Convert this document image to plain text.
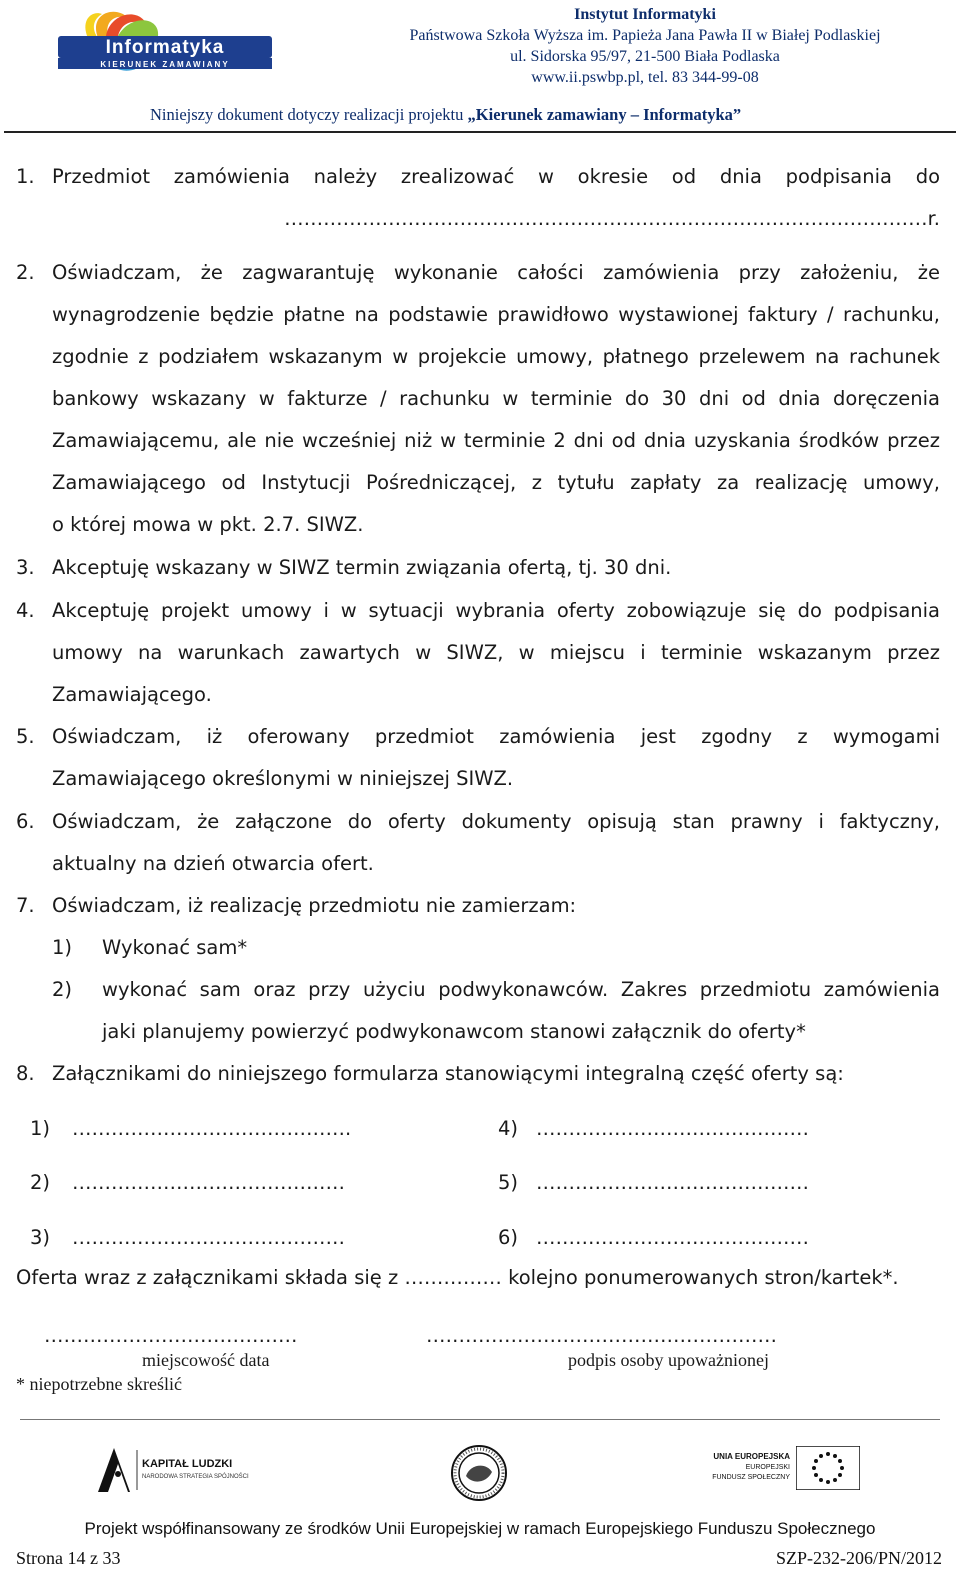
Informatyka
KIERUNEK ZAMAWIANY
Instytut Informatyki
Państwowa Szkoła Wyższa im. Papieża Jana Pawła II w Białej Podlaskiej
ul. Sidorska 95/97, 21-500 Biała Podlaska
www.ii.pswbp.pl, tel. 83 344-99-08
Niniejszy dokument dotyczy realizacji projektu „Kierunek zamawiany – Informatyka”
1. Przedmiot zamówienia należy zrealizować w okresie od dnia podpisania do
………………………………………………………………………………………r.
2. Oświadczam, że zagwarantuję wykonanie całości zamówienia przy założeniu, że
wynagrodzenie będzie płatne na podstawie prawidłowo wystawionej faktury / rachunku,
zgodnie z podziałem wskazanym w projekcie umowy, płatnego przelewem na rachunek
bankowy wskazany w fakturze / rachunku w terminie do 30 dni od dnia doręczenia
Zamawiającemu, ale nie wcześniej niż w terminie 2 dni od dnia uzyskania środków przez
Zamawiającego od Instytucji Pośredniczącej, z tytułu zapłaty za realizację umowy,
o której mowa w pkt. 2.7. SIWZ.
3. Akceptuję wskazany w SIWZ termin związania ofertą, tj. 30 dni.
4. Akceptuję projekt umowy i w sytuacji wybrania oferty zobowiązuje się do podpisania
umowy na warunkach zawartych w SIWZ, w miejscu i terminie wskazanym przez
Zamawiającego.
5. Oświadczam, iż oferowany przedmiot zamówienia jest zgodny z wymogami
Zamawiającego określonymi w niniejszej SIWZ.
6. Oświadczam, że załączone do oferty dokumenty opisują stan prawny i faktyczny,
aktualny na dzień otwarcia ofert.
7. Oświadczam, iż realizację przedmiotu nie zamierzam:
1) Wykonać sam*
2) wykonać sam oraz przy użyciu podwykonawców. Zakres przedmiotu zamówienia
jaki planujemy powierzyć podwykonawcom stanowi załącznik do oferty*
8. Załącznikami do niniejszego formularza stanowiącymi integralną część oferty są:
1) …………………………………….
2) ……………………………………
3) ……………………………………
4) ……………………………………
5) ……………………………………
6) ……………………………………
Oferta wraz z załącznikami składa się z …………… kolejno ponumerowanych stron/kartek*.
…………………………………	………………………………………………
miejscowość data	podpis osoby upoważnionej
* niepotrzebne skreślić
KAPITAŁ LUDZKI
NARODOWA STRATEGIA SPÓJNOŚCI
UNIA EUROPEJSKA
EUROPEJSKI
FUNDUSZ SPOŁECZNY
Projekt współfinansowany ze środków Unii Europejskiej w ramach Europejskiego Funduszu Społecznego
Strona 14 z 33	SZP-232-206/PN/2012
